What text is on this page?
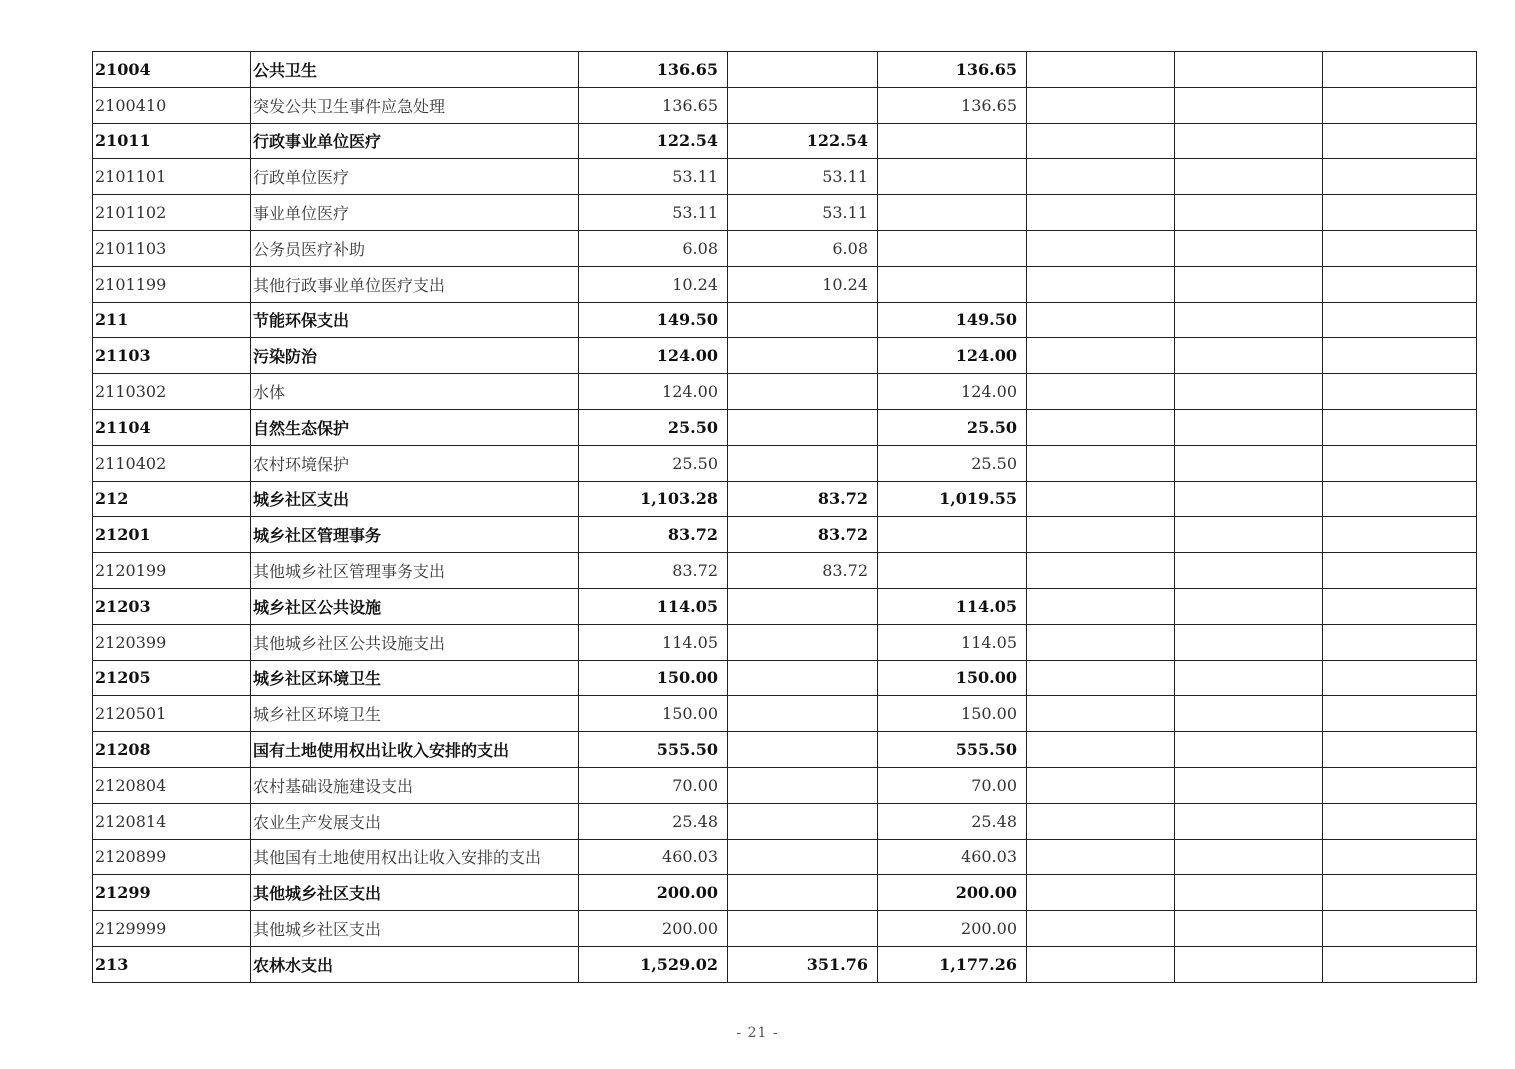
21004	公共卫生	136.65		136.65			
2100410	突发公共卫生事件应急处理	136.65		136.65			
21011	行政事业单位医疗	122.54	122.54				
2101101	行政单位医疗	53.11	53.11				
2101102	事业单位医疗	53.11	53.11				
2101103	公务员医疗补助	6.08	6.08				
2101199	其他行政事业单位医疗支出	10.24	10.24				
211	节能环保支出	149.50		149.50			
21103	污染防治	124.00		124.00			
2110302	水体	124.00		124.00			
21104	自然生态保护	25.50		25.50			
2110402	农村环境保护	25.50		25.50			
212	城乡社区支出	1,103.28	83.72	1,019.55			
21201	城乡社区管理事务	83.72	83.72				
2120199	其他城乡社区管理事务支出	83.72	83.72				
21203	城乡社区公共设施	114.05		114.05			
2120399	其他城乡社区公共设施支出	114.05		114.05			
21205	城乡社区环境卫生	150.00		150.00			
2120501	城乡社区环境卫生	150.00		150.00			
21208	国有土地使用权出让收入安排的支出	555.50		555.50			
2120804	农村基础设施建设支出	70.00		70.00			
2120814	农业生产发展支出	25.48		25.48			
2120899	其他国有土地使用权出让收入安排的支出	460.03		460.03			
21299	其他城乡社区支出	200.00		200.00			
2129999	其他城乡社区支出	200.00		200.00			
213	农林水支出	1,529.02	351.76	1,177.26			
- 21 -
